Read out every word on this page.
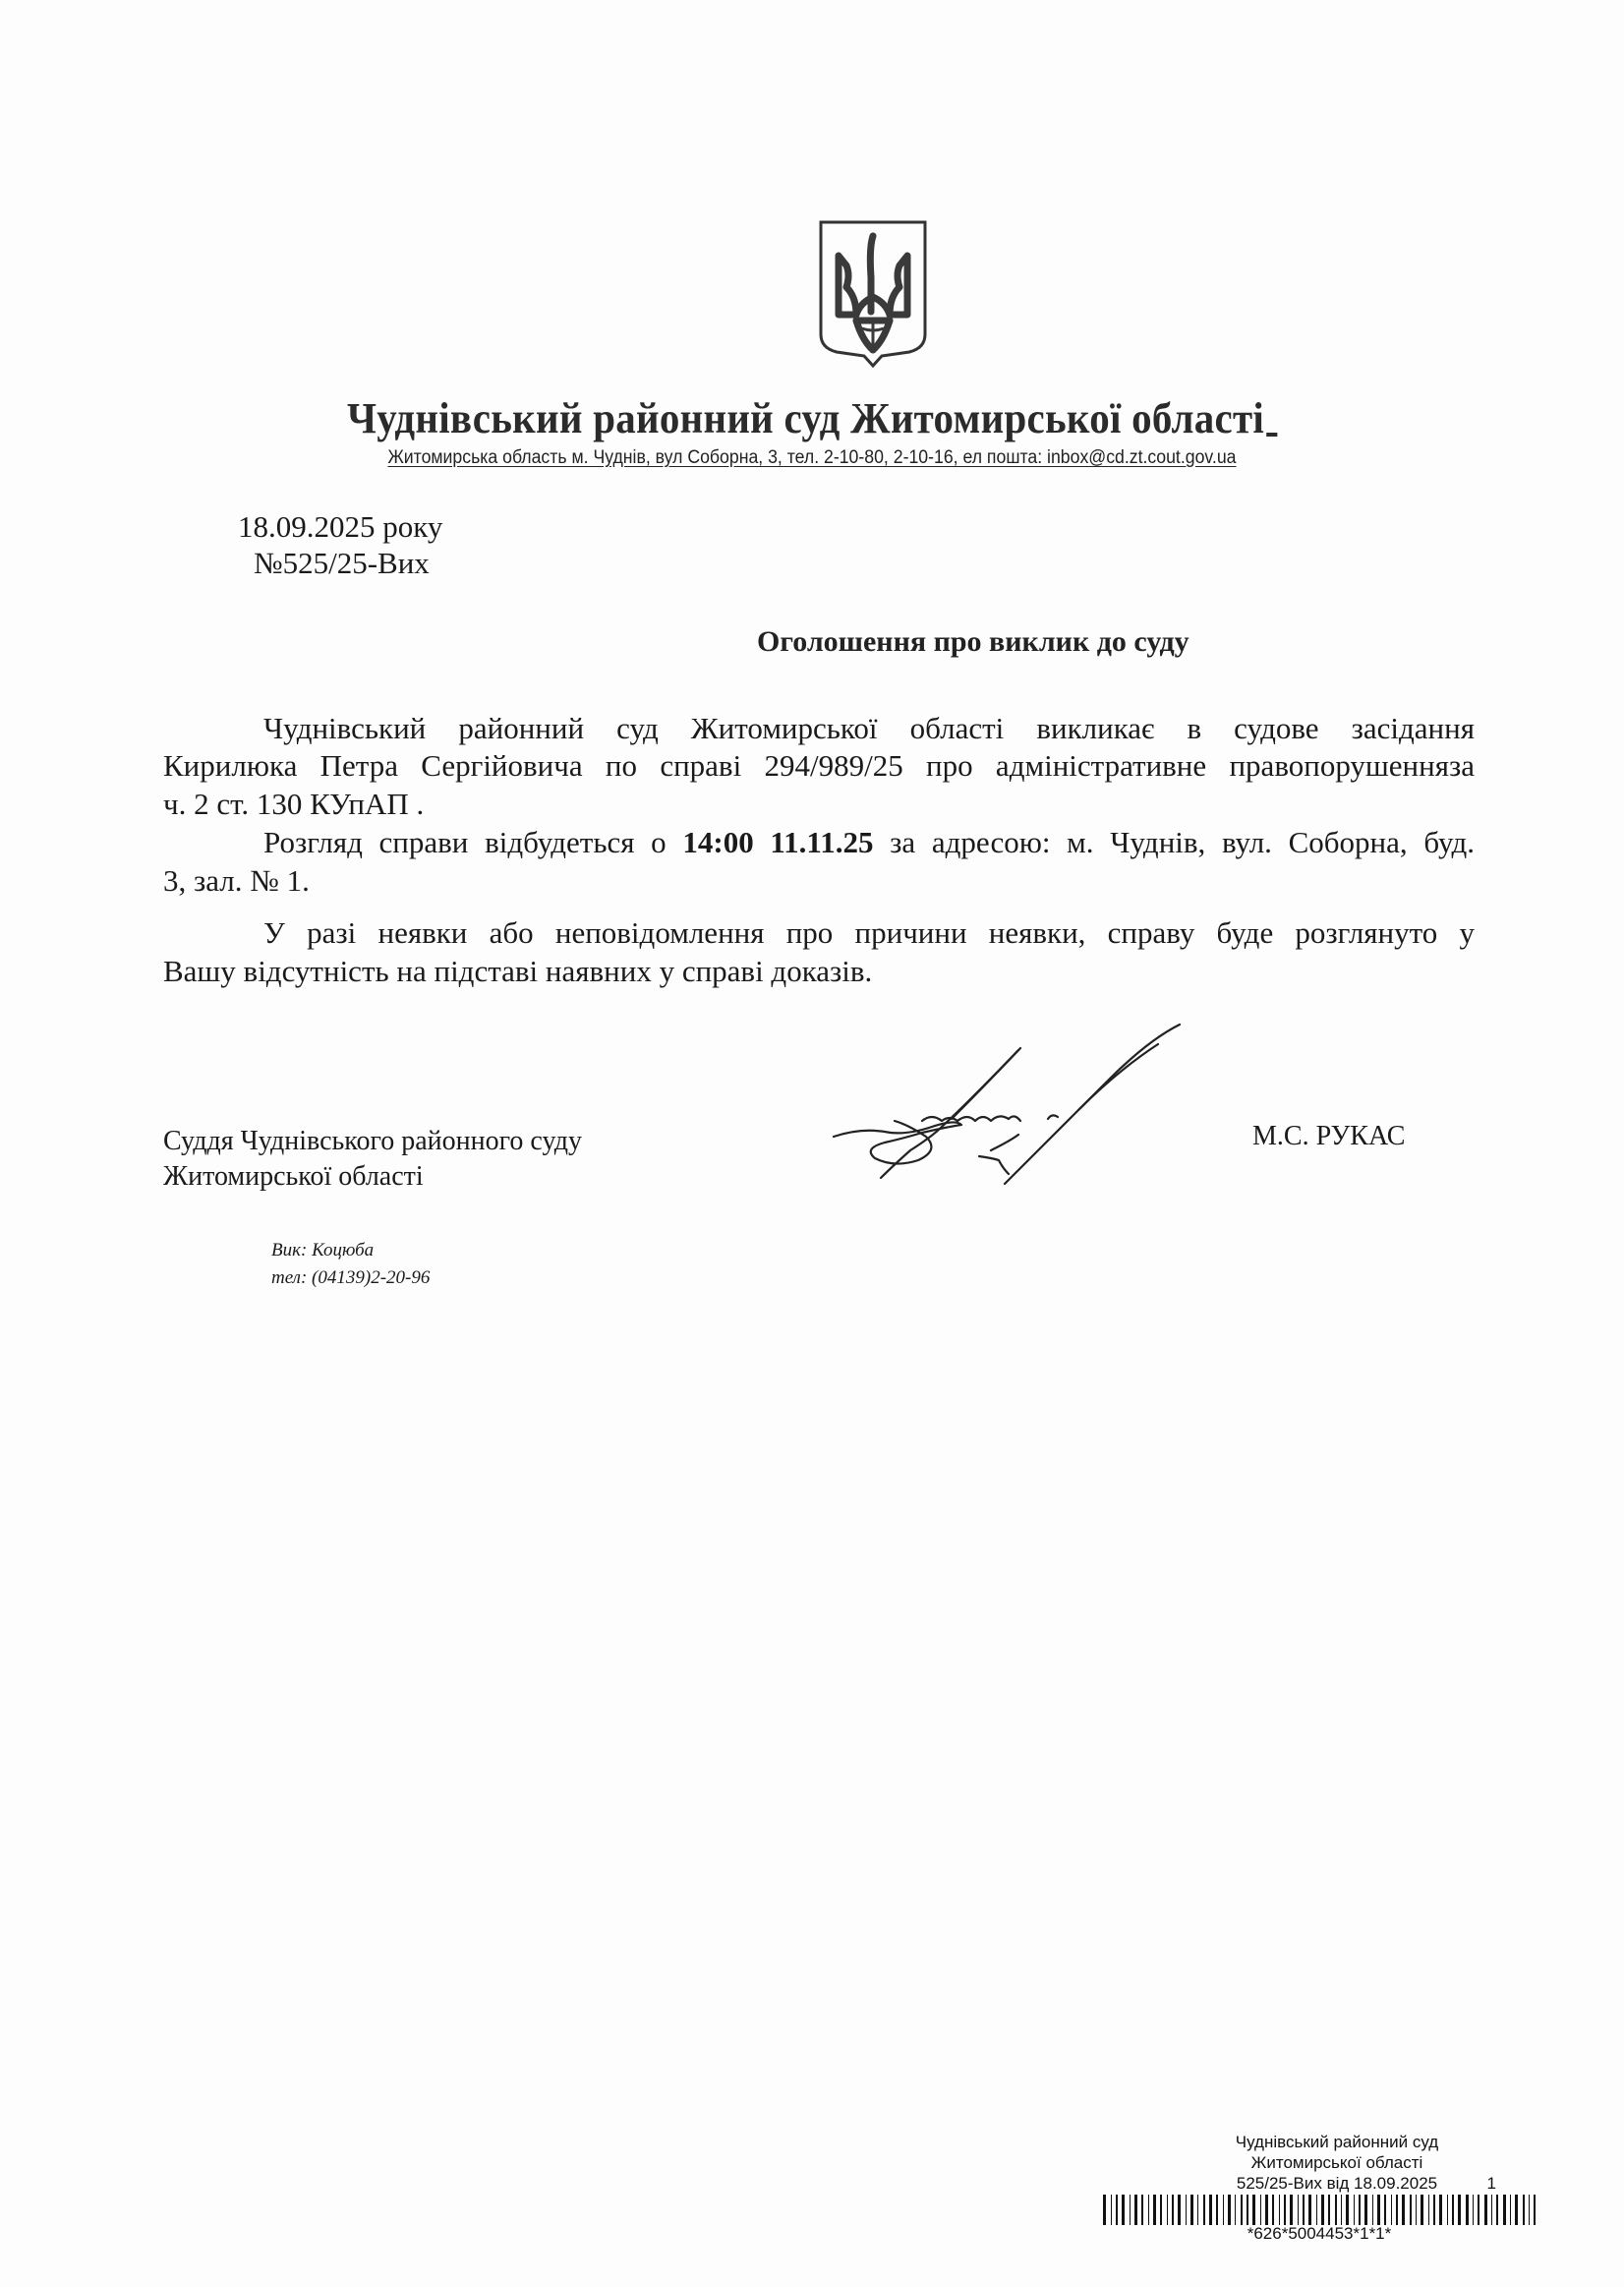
Чуднівський районний суд Житомирської області
Житомирська область м. Чуднів, вул Соборна, 3, тел. 2-10-80, 2-10-16, ел пошта: inbox@cd.zt.cout.gov.ua
18.09.2025 року
№525/25-Вих
Оголошення про виклик до суду
Чуднівський районний суд Житомирської області викликає в судове засідання
Кирилюка Петра Сергійовича по справі 294/989/25 про адміністративне правопорушенняза
ч. 2 ст. 130 КУпАП .
Розгляд справи відбудеться о 14:00 11.11.25 за адресою: м. Чуднів, вул. Соборна, буд.
3, зал. № 1.
У разі неявки або неповідомлення про причини неявки, справу буде розглянуто у
Вашу відсутність на підставі наявних у справі доказів.
Суддя Чуднівського районного суду
Житомирської області
М.С. РУКАС
Вик: Коцюба
тел: (04139)2-20-96
Чуднівський районний суд
Житомирської області
525/25-Вих від 18.09.2025	1
*626*5004453*1*1*
